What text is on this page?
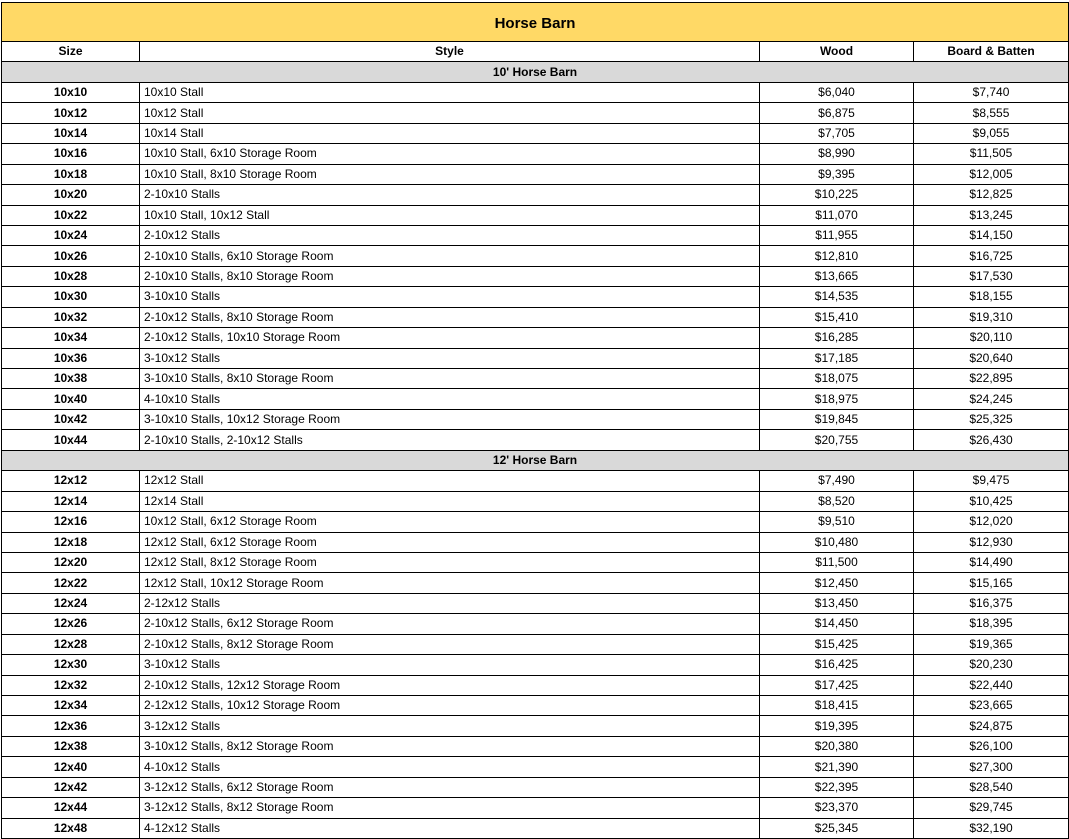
Horse Barn			
Size	Style	Wood	Board & Batten
10' Horse Barn			
10x10	10x10 Stall	$6,040	$7,740
10x12	10x12 Stall	$6,875	$8,555
10x14	10x14 Stall	$7,705	$9,055
10x16	10x10 Stall, 6x10 Storage Room	$8,990	$11,505
10x18	10x10 Stall, 8x10 Storage Room	$9,395	$12,005
10x20	2-10x10 Stalls	$10,225	$12,825
10x22	10x10 Stall, 10x12 Stall	$11,070	$13,245
10x24	2-10x12 Stalls	$11,955	$14,150
10x26	2-10x10 Stalls, 6x10 Storage Room	$12,810	$16,725
10x28	2-10x10 Stalls, 8x10 Storage Room	$13,665	$17,530
10x30	3-10x10 Stalls	$14,535	$18,155
10x32	2-10x12 Stalls, 8x10 Storage Room	$15,410	$19,310
10x34	2-10x12 Stalls, 10x10 Storage Room	$16,285	$20,110
10x36	3-10x12 Stalls	$17,185	$20,640
10x38	3-10x10 Stalls, 8x10 Storage Room	$18,075	$22,895
10x40	4-10x10 Stalls	$18,975	$24,245
10x42	3-10x10 Stalls, 10x12 Storage Room	$19,845	$25,325
10x44	2-10x10 Stalls, 2-10x12 Stalls	$20,755	$26,430
12' Horse Barn			
12x12	12x12 Stall	$7,490	$9,475
12x14	12x14 Stall	$8,520	$10,425
12x16	10x12 Stall, 6x12 Storage Room	$9,510	$12,020
12x18	12x12 Stall, 6x12 Storage Room	$10,480	$12,930
12x20	12x12 Stall, 8x12 Storage Room	$11,500	$14,490
12x22	12x12 Stall, 10x12 Storage Room	$12,450	$15,165
12x24	2-12x12 Stalls	$13,450	$16,375
12x26	2-10x12 Stalls, 6x12 Storage Room	$14,450	$18,395
12x28	2-10x12 Stalls, 8x12 Storage Room	$15,425	$19,365
12x30	3-10x12 Stalls	$16,425	$20,230
12x32	2-10x12 Stalls, 12x12 Storage Room	$17,425	$22,440
12x34	2-12x12 Stalls, 10x12 Storage Room	$18,415	$23,665
12x36	3-12x12 Stalls	$19,395	$24,875
12x38	3-10x12 Stalls, 8x12 Storage Room	$20,380	$26,100
12x40	4-10x12 Stalls	$21,390	$27,300
12x42	3-12x12 Stalls, 6x12 Storage Room	$22,395	$28,540
12x44	3-12x12 Stalls, 8x12 Storage Room	$23,370	$29,745
12x48	4-12x12 Stalls	$25,345	$32,190
